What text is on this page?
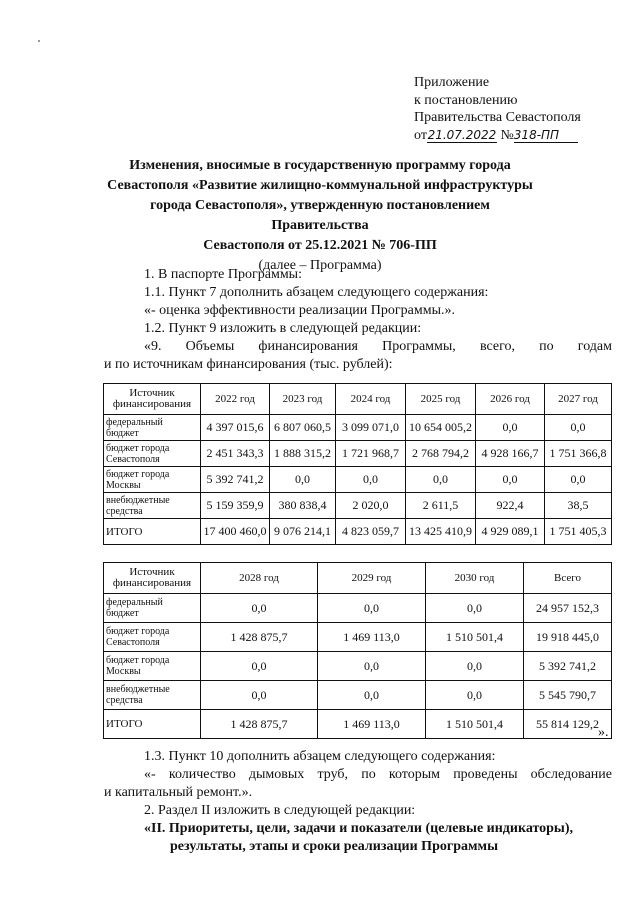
Приложение
к постановлению
Правительства Севастополя
от21.07.2022 №318-ПП
Изменения, вносимые в государственную программу города
Севастополя «Развитие жилищно-коммунальной инфраструктуры
города Севастополя», утвержденную постановлением Правительства
Севастополя от 25.12.2021 № 706-ПП
(далее – Программа)
1. В паспорте Программы:
1.1. Пункт 7 дополнить абзацем следующего содержания:
«- оценка эффективности реализации Программы.».
1.2. Пункт 9 изложить в следующей редакции:
«9. Объемы финансирования Программы, всего, по годам
и по источникам финансирования (тыс. рублей):
Источник финансирования	2022 год	2023 год	2024 год	2025 год	2026 год	2027 год
федеральный бюджет	4 397 015,6	6 807 060,5	3 099 071,0	10 654 005,2	0,0	0,0
бюджет города Севастополя	2 451 343,3	1 888 315,2	1 721 968,7	2 768 794,2	4 928 166,7	1 751 366,8
бюджет города Москвы	5 392 741,2	0,0	0,0	0,0	0,0	0,0
внебюджетные средства	5 159 359,9	380 838,4	2 020,0	2 611,5	922,4	38,5
ИТОГО	17 400 460,0	9 076 214,1	4 823 059,7	13 425 410,9	4 929 089,1	1 751 405,3
Источник финансирования	2028 год	2029 год	2030 год	Всего
федеральный бюджет	0,0	0,0	0,0	24 957 152,3
бюджет города Севастополя	1 428 875,7	1 469 113,0	1 510 501,4	19 918 445,0
бюджет города Москвы	0,0	0,0	0,0	5 392 741,2
внебюджетные средства	0,0	0,0	0,0	5 545 790,7
ИТОГО	1 428 875,7	1 469 113,0	1 510 501,4	55 814 129,2
».
1.3. Пункт 10 дополнить абзацем следующего содержания:
«- количество дымовых труб, по которым проведены обследование
и капитальный ремонт.».
2. Раздел II изложить в следующей редакции:
«II. Приоритеты, цели, задачи и показатели (целевые индикаторы),
результаты, этапы и сроки реализации Программы
